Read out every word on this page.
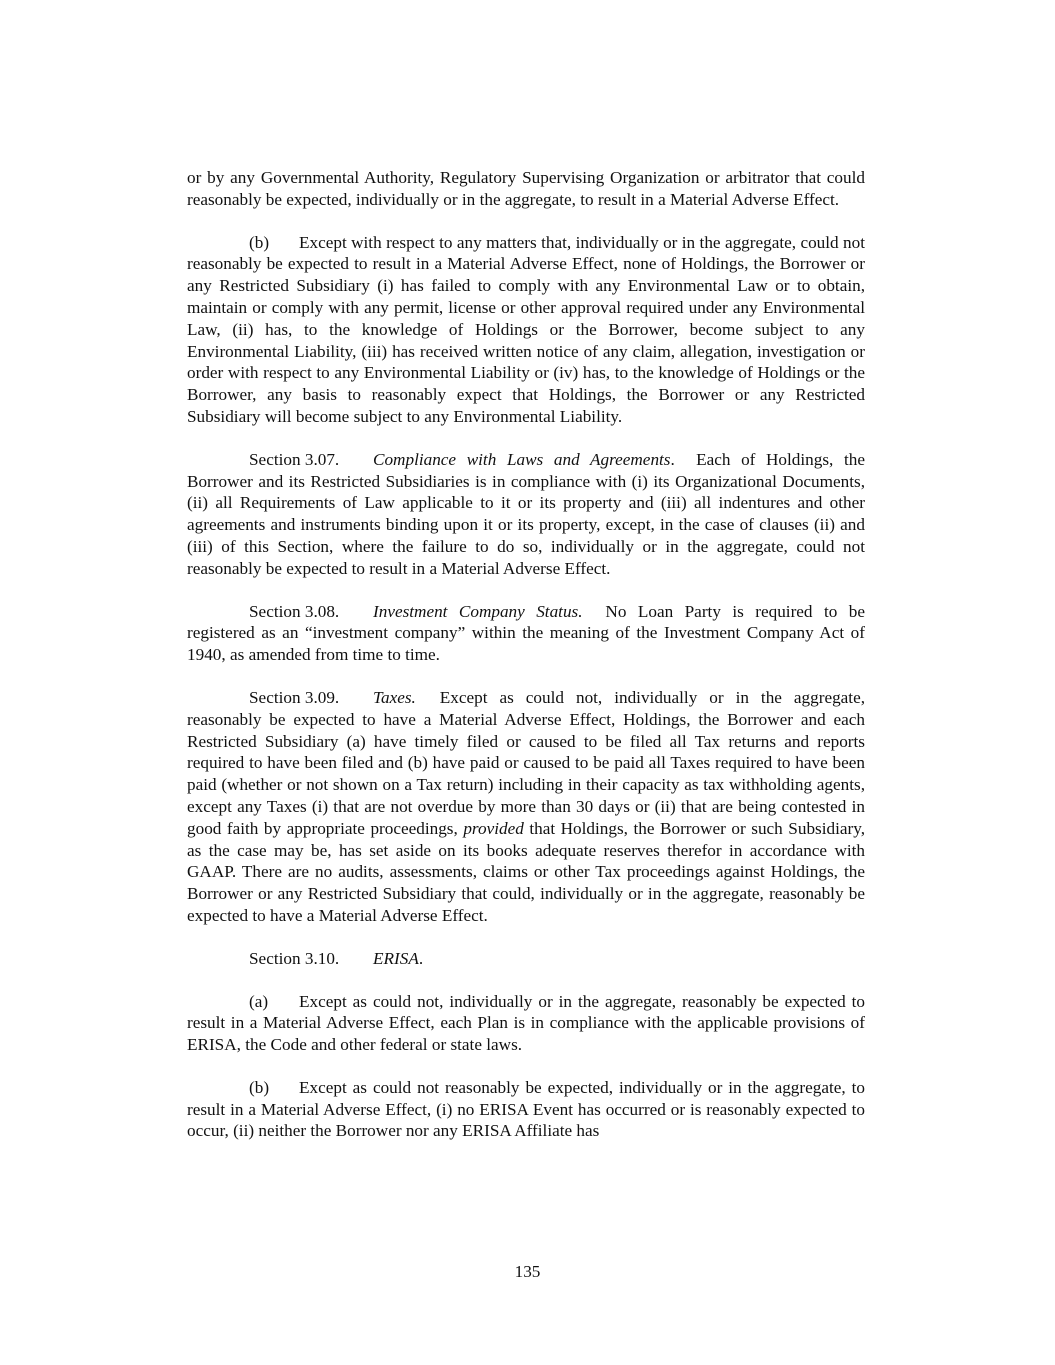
or by any Governmental Authority, Regulatory Supervising Organization or arbitrator that could reasonably be expected, individually or in the aggregate, to result in a Material Adverse Effect.

(b) Except with respect to any matters that, individually or in the aggregate, could not reasonably be expected to result in a Material Adverse Effect, none of Holdings, the Borrower or any Restricted Subsidiary (i) has failed to comply with any Environmental Law or to obtain, maintain or comply with any permit, license or other approval required under any Environmental Law, (ii) has, to the knowledge of Holdings or the Borrower, become subject to any Environmental Liability, (iii) has received written notice of any claim, allegation, investigation or order with respect to any Environmental Liability or (iv) has, to the knowledge of Holdings or the Borrower, any basis to reasonably expect that Holdings, the Borrower or any Restricted Subsidiary will become subject to any Environmental Liability.

Section 3.07. Compliance with Laws and Agreements. Each of Holdings, the Borrower and its Restricted Subsidiaries is in compliance with (i) its Organizational Documents, (ii) all Requirements of Law applicable to it or its property and (iii) all indentures and other agreements and instruments binding upon it or its property, except, in the case of clauses (ii) and (iii) of this Section, where the failure to do so, individually or in the aggregate, could not reasonably be expected to result in a Material Adverse Effect.

Section 3.08. Investment Company Status. No Loan Party is required to be registered as an “investment company” within the meaning of the Investment Company Act of 1940, as amended from time to time.

Section 3.09. Taxes. Except as could not, individually or in the aggregate, reasonably be expected to have a Material Adverse Effect, Holdings, the Borrower and each Restricted Subsidiary (a) have timely filed or caused to be filed all Tax returns and reports required to have been filed and (b) have paid or caused to be paid all Taxes required to have been paid (whether or not shown on a Tax return) including in their capacity as tax withholding agents, except any Taxes (i) that are not overdue by more than 30 days or (ii) that are being contested in good faith by appropriate proceedings, provided that Holdings, the Borrower or such Subsidiary, as the case may be, has set aside on its books adequate reserves therefor in accordance with GAAP. There are no audits, assessments, claims or other Tax proceedings against Holdings, the Borrower or any Restricted Subsidiary that could, individually or in the aggregate, reasonably be expected to have a Material Adverse Effect.

Section 3.10. ERISA.

(a) Except as could not, individually or in the aggregate, reasonably be expected to result in a Material Adverse Effect, each Plan is in compliance with the applicable provisions of ERISA, the Code and other federal or state laws.

(b) Except as could not reasonably be expected, individually or in the aggregate, to result in a Material Adverse Effect, (i) no ERISA Event has occurred or is reasonably expected to occur, (ii) neither the Borrower nor any ERISA Affiliate has

135
